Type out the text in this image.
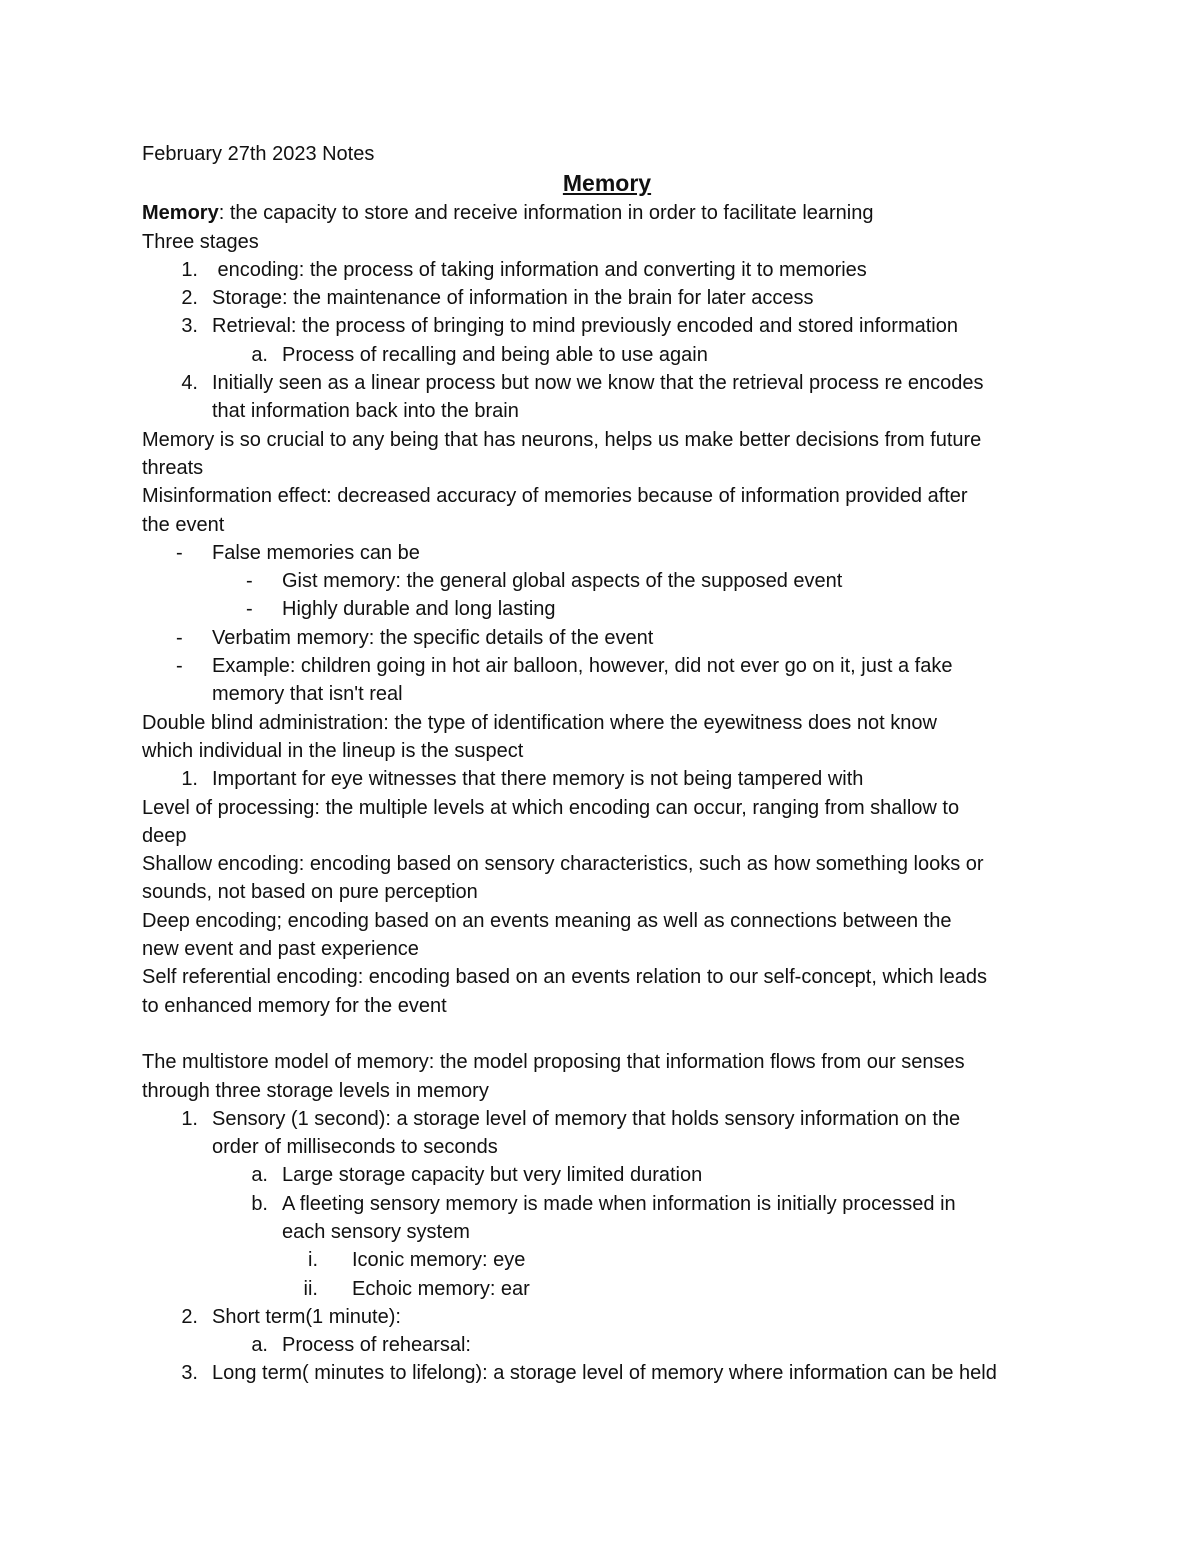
February 27th 2023 Notes
Memory
Memory: the capacity to store and receive information in order to facilitate learning
Three stages
1. encoding: the process of taking information and converting it to memories
2. Storage: the maintenance of information in the brain for later access
3. Retrieval: the process of bringing to mind previously encoded and stored information
a. Process of recalling and being able to use again
4. Initially seen as a linear process but now we know that the retrieval process re encodes
that information back into the brain
Memory is so crucial to any being that has neurons, helps us make better decisions from future
threats
Misinformation effect: decreased accuracy of memories because of information provided after
the event
- False memories can be
- Gist memory: the general global aspects of the supposed event
- Highly durable and long lasting
- Verbatim memory: the specific details of the event
- Example: children going in hot air balloon, however, did not ever go on it, just a fake
memory that isn't real
Double blind administration: the type of identification where the eyewitness does not know
which individual in the lineup is the suspect
1. Important for eye witnesses that there memory is not being tampered with
Level of processing: the multiple levels at which encoding can occur, ranging from shallow to
deep
Shallow encoding: encoding based on sensory characteristics, such as how something looks or
sounds, not based on pure perception
Deep encoding; encoding based on an events meaning as well as connections between the
new event and past experience
Self referential encoding: encoding based on an events relation to our self-concept, which leads
to enhanced memory for the event
The multistore model of memory: the model proposing that information flows from our senses
through three storage levels in memory
1. Sensory (1 second): a storage level of memory that holds sensory information on the
order of milliseconds to seconds
a. Large storage capacity but very limited duration
b. A fleeting sensory memory is made when information is initially processed in
each sensory system
i. Iconic memory: eye
ii. Echoic memory: ear
2. Short term(1 minute):
a. Process of rehearsal:
3. Long term( minutes to lifelong): a storage level of memory where information can be held
